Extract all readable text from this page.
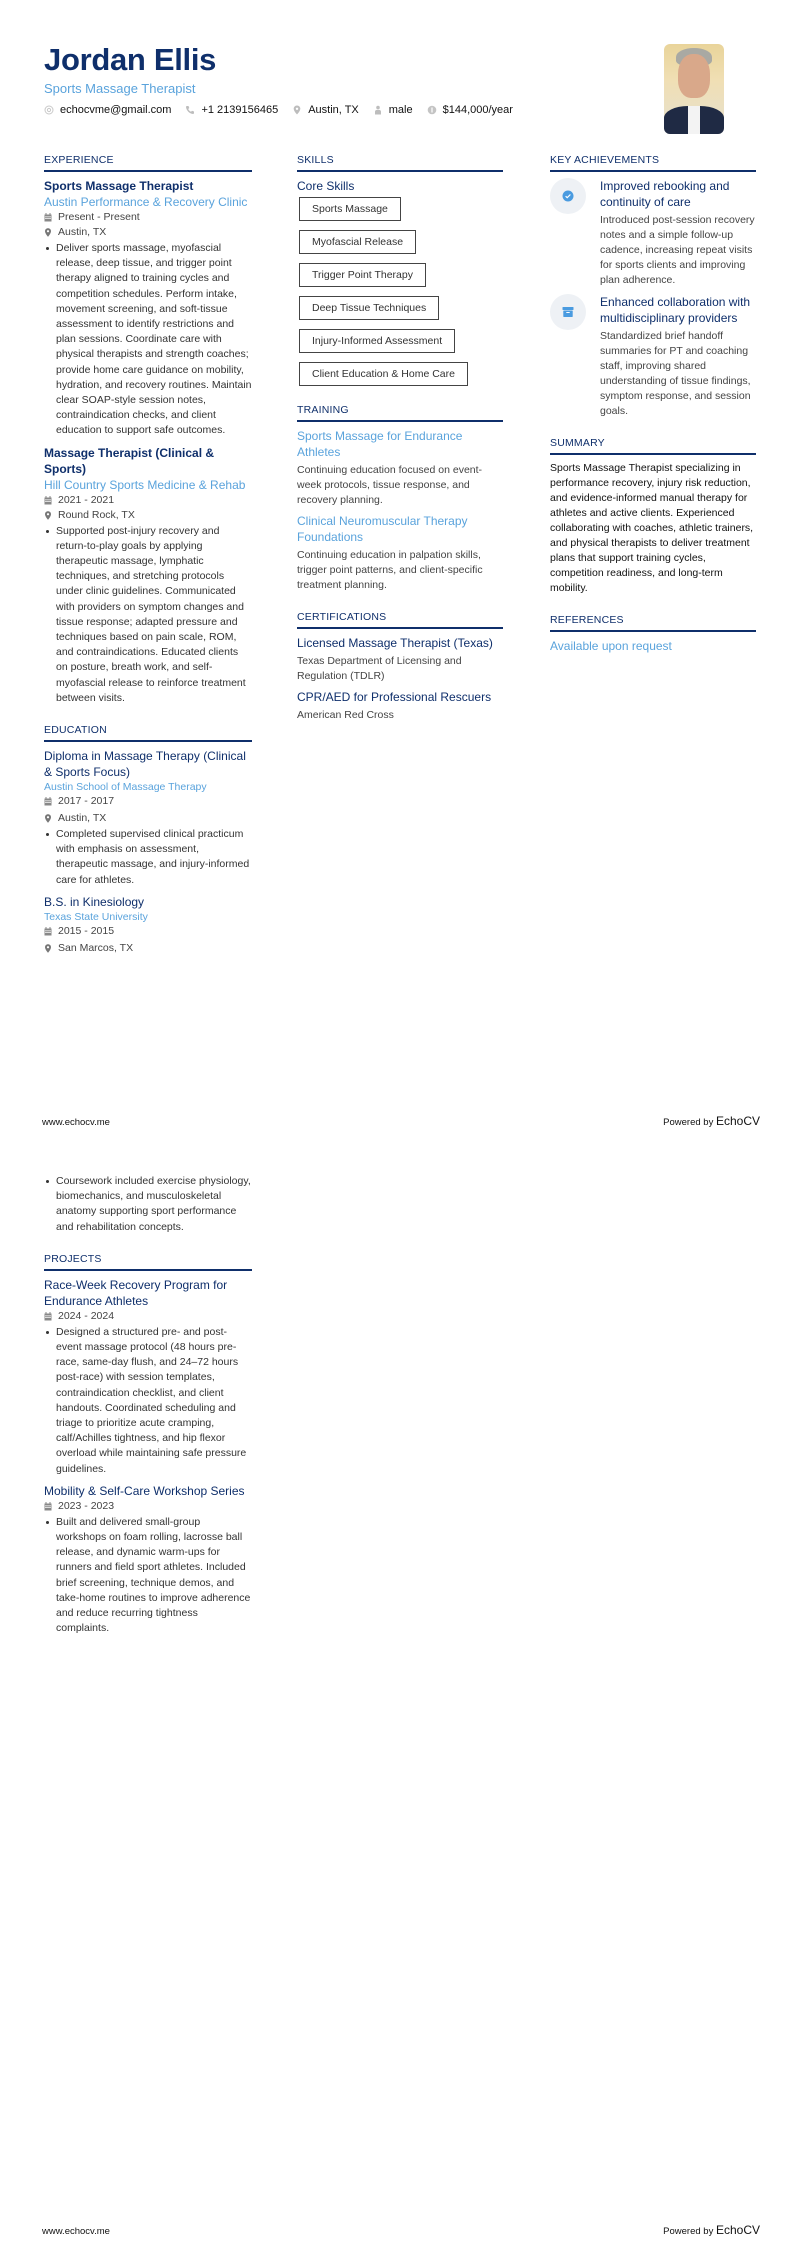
Jordan Ellis
Sports Massage Therapist
echocvme@gmail.com	+1 2139156465	Austin, TX	male	$144,000/year
EXPERIENCE
Sports Massage Therapist
Austin Performance & Recovery Clinic
Present - Present
Austin, TX
Deliver sports massage, myofascial release, deep tissue, and trigger point therapy aligned to training cycles and competition schedules. Perform intake, movement screening, and soft-tissue assessment to identify restrictions and plan sessions. Coordinate care with physical therapists and strength coaches; provide home care guidance on mobility, hydration, and recovery routines. Maintain clear SOAP-style session notes, contraindication checks, and client education to support safe outcomes.
Massage Therapist (Clinical & Sports)
Hill Country Sports Medicine & Rehab
2021 - 2021
Round Rock, TX
Supported post-injury recovery and return-to-play goals by applying therapeutic massage, lymphatic techniques, and stretching protocols under clinic guidelines. Communicated with providers on symptom changes and tissue response; adapted pressure and techniques based on pain scale, ROM, and contraindications. Educated clients on posture, breath work, and self-myofascial release to reinforce treatment between visits.
EDUCATION
Diploma in Massage Therapy (Clinical & Sports Focus)
Austin School of Massage Therapy
2017 - 2017
Austin, TX
Completed supervised clinical practicum with emphasis on assessment, therapeutic massage, and injury-informed care for athletes.
B.S. in Kinesiology
Texas State University
2015 - 2015
San Marcos, TX
SKILLS
Core Skills
Sports Massage
Myofascial Release
Trigger Point Therapy
Deep Tissue Techniques
Injury-Informed Assessment
Client Education & Home Care
TRAINING
Sports Massage for Endurance Athletes
Continuing education focused on event-week protocols, tissue response, and recovery planning.
Clinical Neuromuscular Therapy Foundations
Continuing education in palpation skills, trigger point patterns, and client-specific treatment planning.
CERTIFICATIONS
Licensed Massage Therapist (Texas)
Texas Department of Licensing and Regulation (TDLR)
CPR/AED for Professional Rescuers
American Red Cross
KEY ACHIEVEMENTS
Improved rebooking and continuity of care
Introduced post-session recovery notes and a simple follow-up cadence, increasing repeat visits for sports clients and improving plan adherence.
Enhanced collaboration with multidisciplinary providers
Standardized brief handoff summaries for PT and coaching staff, improving shared understanding of tissue findings, symptom response, and session goals.
SUMMARY
Sports Massage Therapist specializing in performance recovery, injury risk reduction, and evidence-informed manual therapy for athletes and active clients. Experienced collaborating with coaches, athletic trainers, and physical therapists to deliver treatment plans that support training cycles, competition readiness, and long-term mobility.
REFERENCES
Available upon request
www.echocv.me	Powered by EchoCV
Coursework included exercise physiology, biomechanics, and musculoskeletal anatomy supporting sport performance and rehabilitation concepts.
PROJECTS
Race-Week Recovery Program for Endurance Athletes
2024 - 2024
Designed a structured pre- and post-event massage protocol (48 hours pre-race, same-day flush, and 24–72 hours post-race) with session templates, contraindication checklist, and client handouts. Coordinated scheduling and triage to prioritize acute cramping, calf/Achilles tightness, and hip flexor overload while maintaining safe pressure guidelines.
Mobility & Self-Care Workshop Series
2023 - 2023
Built and delivered small-group workshops on foam rolling, lacrosse ball release, and dynamic warm-ups for runners and field sport athletes. Included brief screening, technique demos, and take-home routines to improve adherence and reduce recurring tightness complaints.
www.echocv.me	Powered by EchoCV
